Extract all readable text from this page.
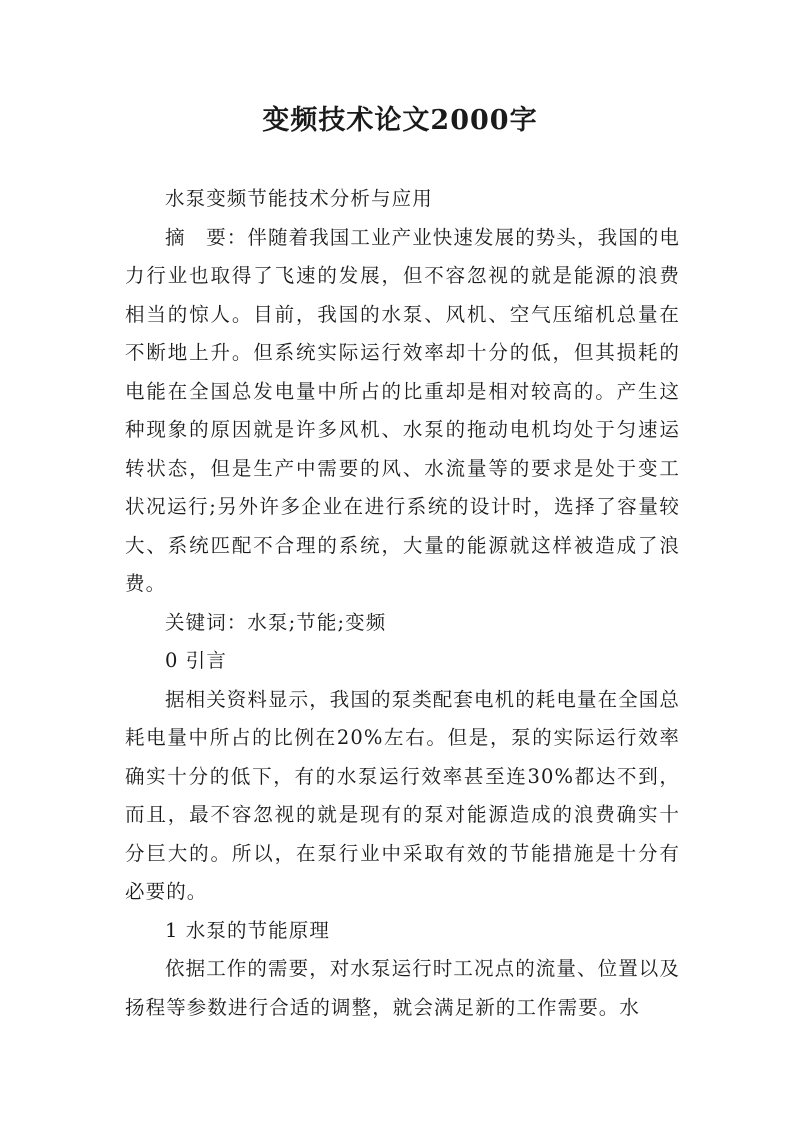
变频技术论文2000字

水泵变频节能技术分析与应用

摘　要：伴随着我国工业产业快速发展的势头，我国的电力行业也取得了飞速的发展，但不容忽视的就是能源的浪费相当的惊人。目前，我国的水泵、风机、空气压缩机总量在不断地上升。但系统实际运行效率却十分的低，但其损耗的电能在全国总发电量中所占的比重却是相对较高的。产生这种现象的原因就是许多风机、水泵的拖动电机均处于匀速运转状态，但是生产中需要的风、水流量等的要求是处于变工状况运行;另外许多企业在进行系统的设计时，选择了容量较大、系统匹配不合理的系统，大量的能源就这样被造成了浪费。

关键词：水泵;节能;变频

0 引言

据相关资料显示，我国的泵类配套电机的耗电量在全国总耗电量中所占的比例在20%左右。但是，泵的实际运行效率确实十分的低下，有的水泵运行效率甚至连30%都达不到，而且，最不容忽视的就是现有的泵对能源造成的浪费确实十分巨大的。所以，在泵行业中采取有效的节能措施是十分有必要的。

1 水泵的节能原理

依据工作的需要，对水泵运行时工况点的流量、位置以及扬程等参数进行合适的调整，就会满足新的工作需要。水
